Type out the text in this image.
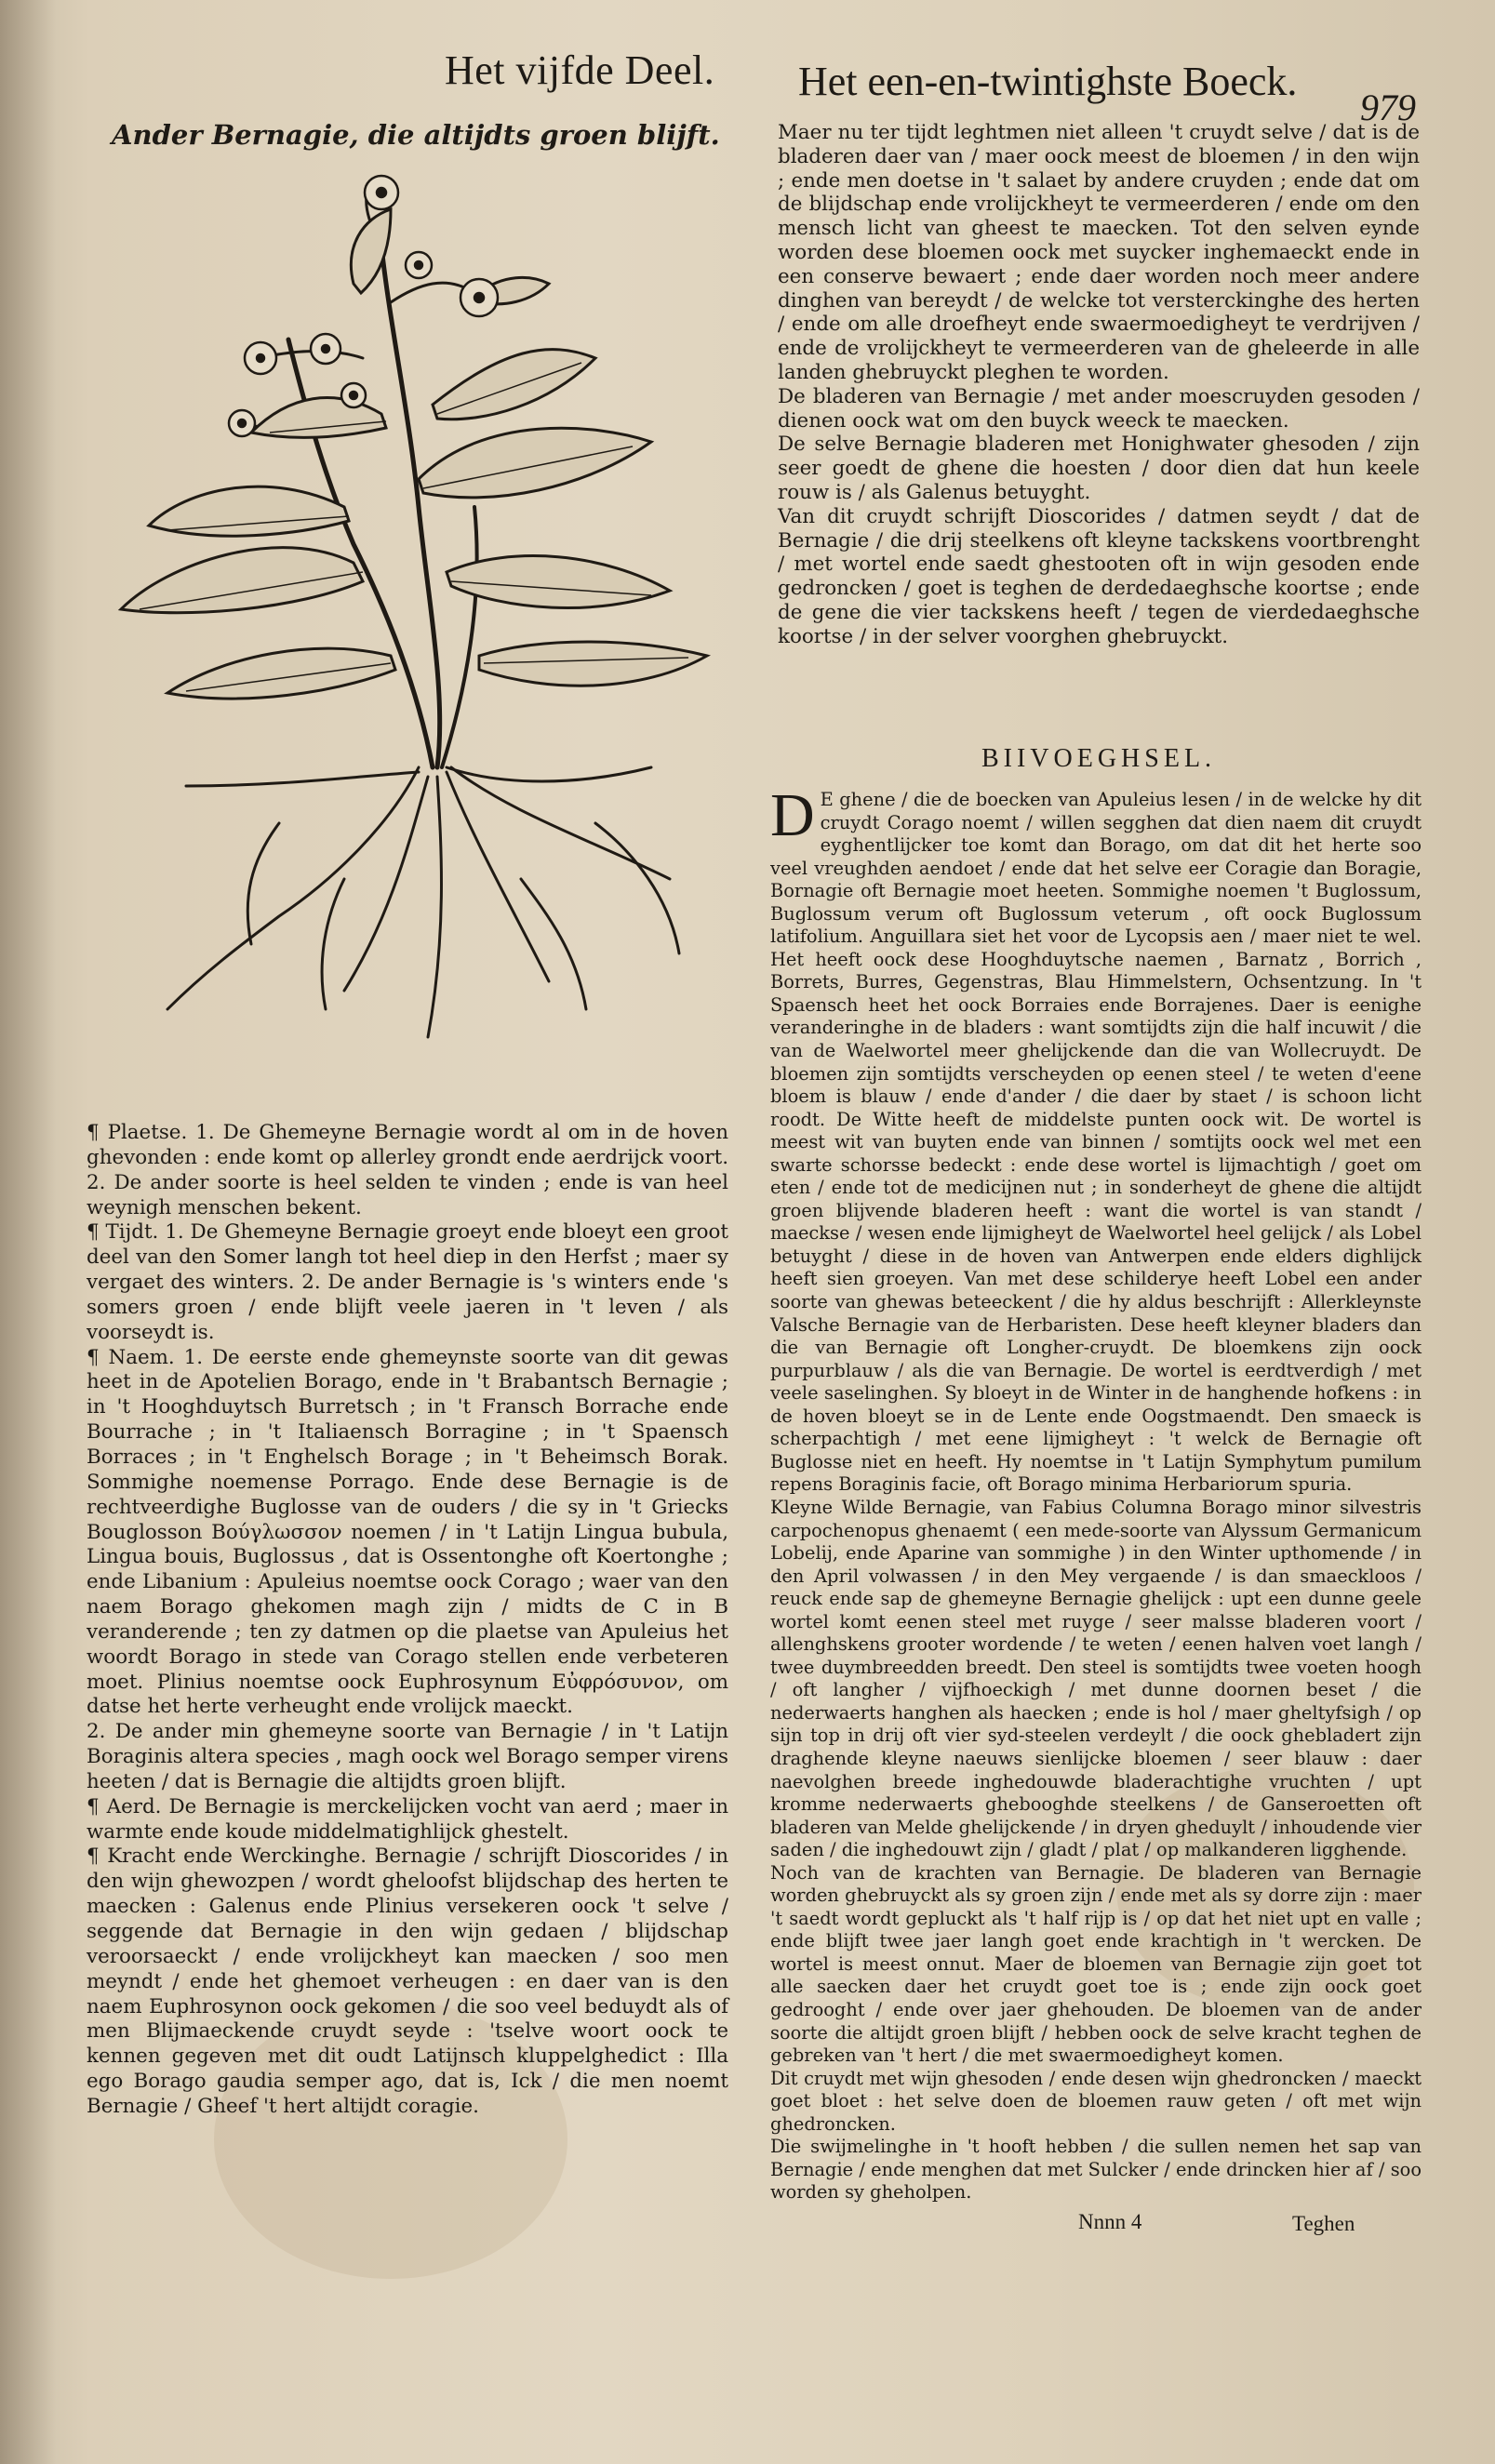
Het vijfde Deel.	Het een-en-twintighste Boeck.
979
Ander Bernagie, die altijdts groen blijft.	Maer nu ter tijdt leghtmen niet alleen 't cruydt selve / dat is de bladeren daer van / maer oock meest de bloemen / in den wijn ; ende men doetse in 't salaet by andere cruyden ; ende dat om de blijdschap ende vrolijckheyt te vermeerderen / ende om den mensch licht van gheest te maecken. Tot den selven eynde worden dese bloemen oock met suycker inghemaeckt ende in een conserve bewaert ; ende daer worden noch meer andere dinghen van bereydt / de welcke tot versterckinghe des herten / ende om alle droefheyt ende swaermoedigheyt te verdrijven / ende de vrolijckheyt te vermeerderen van de gheleerde in alle landen ghebruyckt pleghen te worden.

De bladeren van Bernagie / met ander moescruyden gesoden / dienen oock wat om den buyck weeck te maecken.

De selve Bernagie bladeren met Honighwater ghesoden / zijn seer goedt de ghene die hoesten / door dien dat hun keele rouw is / als Galenus betuyght.

Van dit cruydt schrijft Dioscorides / datmen seydt / dat de Bernagie / die drij steelkens oft kleyne tackskens voortbrenght / met wortel ende saedt ghestooten oft in wijn gesoden ende gedroncken / goet is teghen de derdedaeghsche koortse ; ende de gene die vier tackskens heeft / tegen de vierdedaeghsche koortse / in der selver voorghen ghebruyckt.

BIIVOEGHSEL.

D E ghene / die de boecken van Apuleius lesen / in de welcke hy dit cruydt Corago noemt / willen segghen dat dien naem dit cruydt eyghentlijcker toe komt dan Borago, om dat dit het herte soo veel vreughden aendoet / ende dat het selve eer Coragie dan Boragie, Bornagie oft Bernagie moet heeten. Sommighe noemen 't Buglossum, Buglossum verum oft Buglossum veterum , oft oock Buglossum latifolium. Anguillara siet het voor de Lycopsis aen / maer niet te wel. Het heeft oock dese Hooghduytsche naemen , Barnatz , Borrich , Borrets, Burres, Gegenstras, Blau Himmelstern, Ochsentzung. In 't Spaensch heet het oock Borraies ende Borrajenes. Daer is eenighe veranderinghe in de bladers : want somtijdts zijn die half incuwit / die van de Waelwortel meer ghelijckende dan die van Wollecruydt. De bloemen zijn somtijdts verscheyden op eenen steel / te weten d'eene bloem is blauw / ende d'ander / die daer by staet / is schoon licht roodt. De Witte heeft de middelste punten oock wit. De wortel is meest wit van buyten ende van binnen / somtijts oock wel met een swarte schorsse bedeckt : ende dese wortel is lijmachtigh / goet om eten / ende tot de medicijnen nut ; in sonderheyt de ghene die altijdt groen blijvende bladeren heeft : want die wortel is van standt / maeckse / wesen ende lijmigheyt de Waelwortel heel gelijck / als Lobel betuyght / diese in de hoven van Antwerpen ende elders dighlijck heeft sien groeyen. Van met dese schilderye heeft Lobel een ander soorte van ghewas beteeckent / die hy aldus beschrijft : Allerkleynste Valsche Bernagie van de Herbaristen. Dese heeft kleyner bladers dan die van Bernagie oft Longher-cruydt. De bloemkens zijn oock purpurblauw / als die van Bernagie. De wortel is eerdtverdigh / met veele saselinghen. Sy bloeyt in de Winter in de hanghende hofkens : in de hoven bloeyt se in de Lente ende Oogstmaendt. Den smaeck is scherpachtigh / met eene lijmigheyt : 't welck de Bernagie oft Buglosse niet en heeft. Hy noemtse in 't Latijn Symphytum pumilum repens Boraginis facie, oft Borago minima Herbariorum spuria.

Kleyne Wilde Bernagie, van Fabius Columna Borago minor silvestris carpochenopus ghenaemt ( een mede-soorte van Alyssum Germanicum Lobelij, ende Aparine van sommighe ) in den Winter upthomende / in den April volwassen / in den Mey vergaende / is dan smaeckloos / reuck ende sap de ghemeyne Bernagie ghelijck : upt een dunne geele wortel komt eenen steel met ruyge / seer malsse bladeren voort / allenghskens grooter wordende / te weten / eenen halven voet langh / twee duymbreedden breedt. Den steel is somtijdts twee voeten hoogh / oft langher / vijfhoeckigh / met dunne doornen beset / die nederwaerts hanghen als haecken ; ende is hol / maer gheltyfsigh / op sijn top in drij oft vier syd-steelen verdeylt / die oock ghebladert zijn draghende kleyne naeuws sienlijcke bloemen / seer blauw : daer naevolghen breede inghedouwde bladerachtighe vruchten / upt kromme nederwaerts ghebooghde steelkens / de Ganseroetten oft bladeren van Melde ghelijckende / in dryen gheduylt / inhoudende vier saden / die inghedouwt zijn / gladt / plat / op malkanderen ligghende.

Noch van de krachten van Bernagie. De bladeren van Bernagie worden ghebruyckt als sy groen zijn / ende met als sy dorre zijn : maer 't saedt wordt gepluckt als 't half rijp is / op dat het niet upt en valle ; ende blijft twee jaer langh goet ende krachtigh in 't wercken. De wortel is meest onnut. Maer de bloemen van Bernagie zijn goet tot alle saecken daer het cruydt goet toe is ; ende zijn oock goet gedrooght / ende over jaer ghehouden. De bloemen van de ander soorte die altijdt groen blijft / hebben oock de selve kracht teghen de gebreken van 't hert / die met swaermoedigheyt komen.

Dit cruydt met wijn ghesoden / ende desen wijn ghedroncken / maeckt goet bloet : het selve doen de bloemen rauw geten / oft met wijn ghedroncken.

Die swijmelinghe in 't hooft hebben / die sullen nemen het sap van Bernagie / ende menghen dat met Sulcker / ende drincken hier af / soo worden sy gheholpen.

¶ Plaetse. 1. De Ghemeyne Bernagie wordt al om in de hoven ghevonden : ende komt op allerley grondt ende aerdrijck voort. 2. De ander soorte is heel selden te vinden ; ende is van heel weynigh menschen bekent.

¶ Tijdt. 1. De Ghemeyne Bernagie groeyt ende bloeyt een groot deel van den Somer langh tot heel diep in den Herfst ; maer sy vergaet des winters. 2. De ander Bernagie is 's winters ende 's somers groen / ende blijft veele jaeren in 't leven / als voorseydt is.

¶ Naem. 1. De eerste ende ghemeynste soorte van dit gewas heet in de Apotelien Borago, ende in 't Brabantsch Bernagie ; in 't Hooghduytsch Burretsch ; in 't Fransch Borrache ende Bourrache ; in 't Italiaensch Borragine ; in 't Spaensch Borraces ; in 't Enghelsch Borage ; in 't Beheimsch Borak. Sommighe noemense Porrago. Ende dese Bernagie is de rechtveerdighe Buglosse van de ouders / die sy in 't Griecks Bouglosson Βούγλωσσον noemen / in 't Latijn Lingua bubula, Lingua bouis, Buglossus , dat is Ossentonghe oft Koertonghe ; ende Libanium : Apuleius noemtse oock Corago ; waer van den naem Borago ghekomen magh zijn / midts de C in B veranderende ; ten zy datmen op die plaetse van Apuleius het woordt Borago in stede van Corago stellen ende verbeteren moet. Plinius noemtse oock Euphrosynum Εὐφρόσυνον, om datse het herte verheught ende vrolijck maeckt.

2. De ander min ghemeyne soorte van Bernagie / in 't Latijn Boraginis altera species , magh oock wel Borago semper virens heeten / dat is Bernagie die altijdts groen blijft.

¶ Aerd. De Bernagie is merckelijcken vocht van aerd ; maer in warmte ende koude middelmatighlijck ghestelt.

¶ Kracht ende Werckinghe. Bernagie / schrijft Dioscorides / in den wijn ghewozpen / wordt gheloofst blijdschap des herten te maecken : Galenus ende Plinius versekeren oock 't selve / seggende dat Bernagie in den wijn gedaen / blijdschap veroorsaeckt / ende vrolijckheyt kan maecken / soo men meyndt / ende het ghemoet verheugen : en daer van is den naem Euphrosynon oock gekomen / die soo veel beduydt als of men Blijmaeckende cruydt seyde : 'tselve woort oock te kennen gegeven met dit oudt Latijnsch kluppelghedict : Illa ego Borago gaudia semper ago, dat is, Ick / die men noemt Bernagie / Gheef 't hert altijdt coragie.

Nnnn 4	Teghen
